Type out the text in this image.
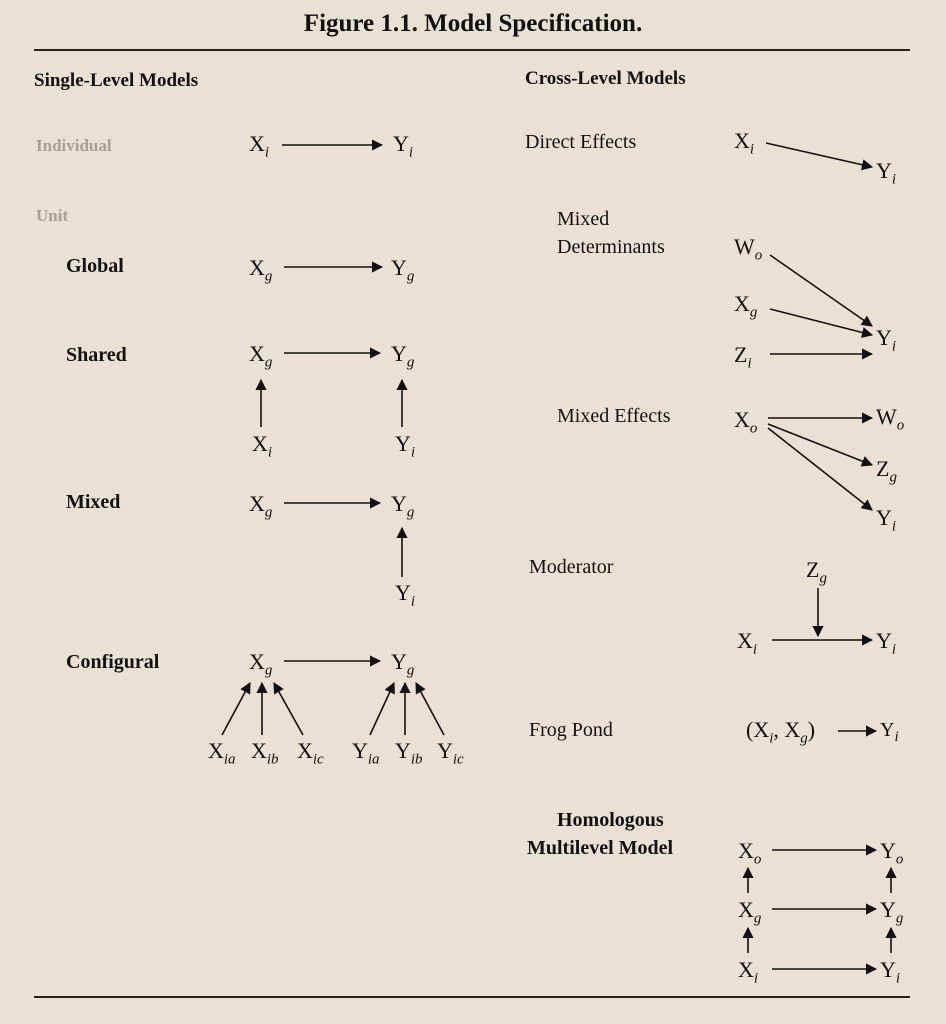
Figure 1.1. Model Specification.
Single-Level Models	Cross-Level Models
Individual
Unit
Global
Shared
Mixed
Configural
Direct Effects
Mixed
Determinants
Mixed Effects
Moderator
Frog Pond
Homologous
Multilevel Model
$X_i$	$Y_i$
$X_g$	$Y_g$
$X_g$	$Y_g$
$X_i$	$Y_i$
$X_g$	$Y_g$
$Y_i$
$X_g$	$Y_g$
$X_{ia}$ $X_{ib}$ $X_{ic}$ $Y_{ia}$ $Y_{ib}$ $Y_{ic}$
$X_i$
$Y_i$
$W_o$
$X_g$
$Y_i$
$Z_i$
$X_o$	$W_o$
$Z_g$
$Y_i$
$Z_g$
$X_i$	$Y_i$
($X_i$, $X_g$)	$Y_i$
$X_o$	$Y_o$
$X_g$	$Y_g$
$X_i$	$Y_i$
